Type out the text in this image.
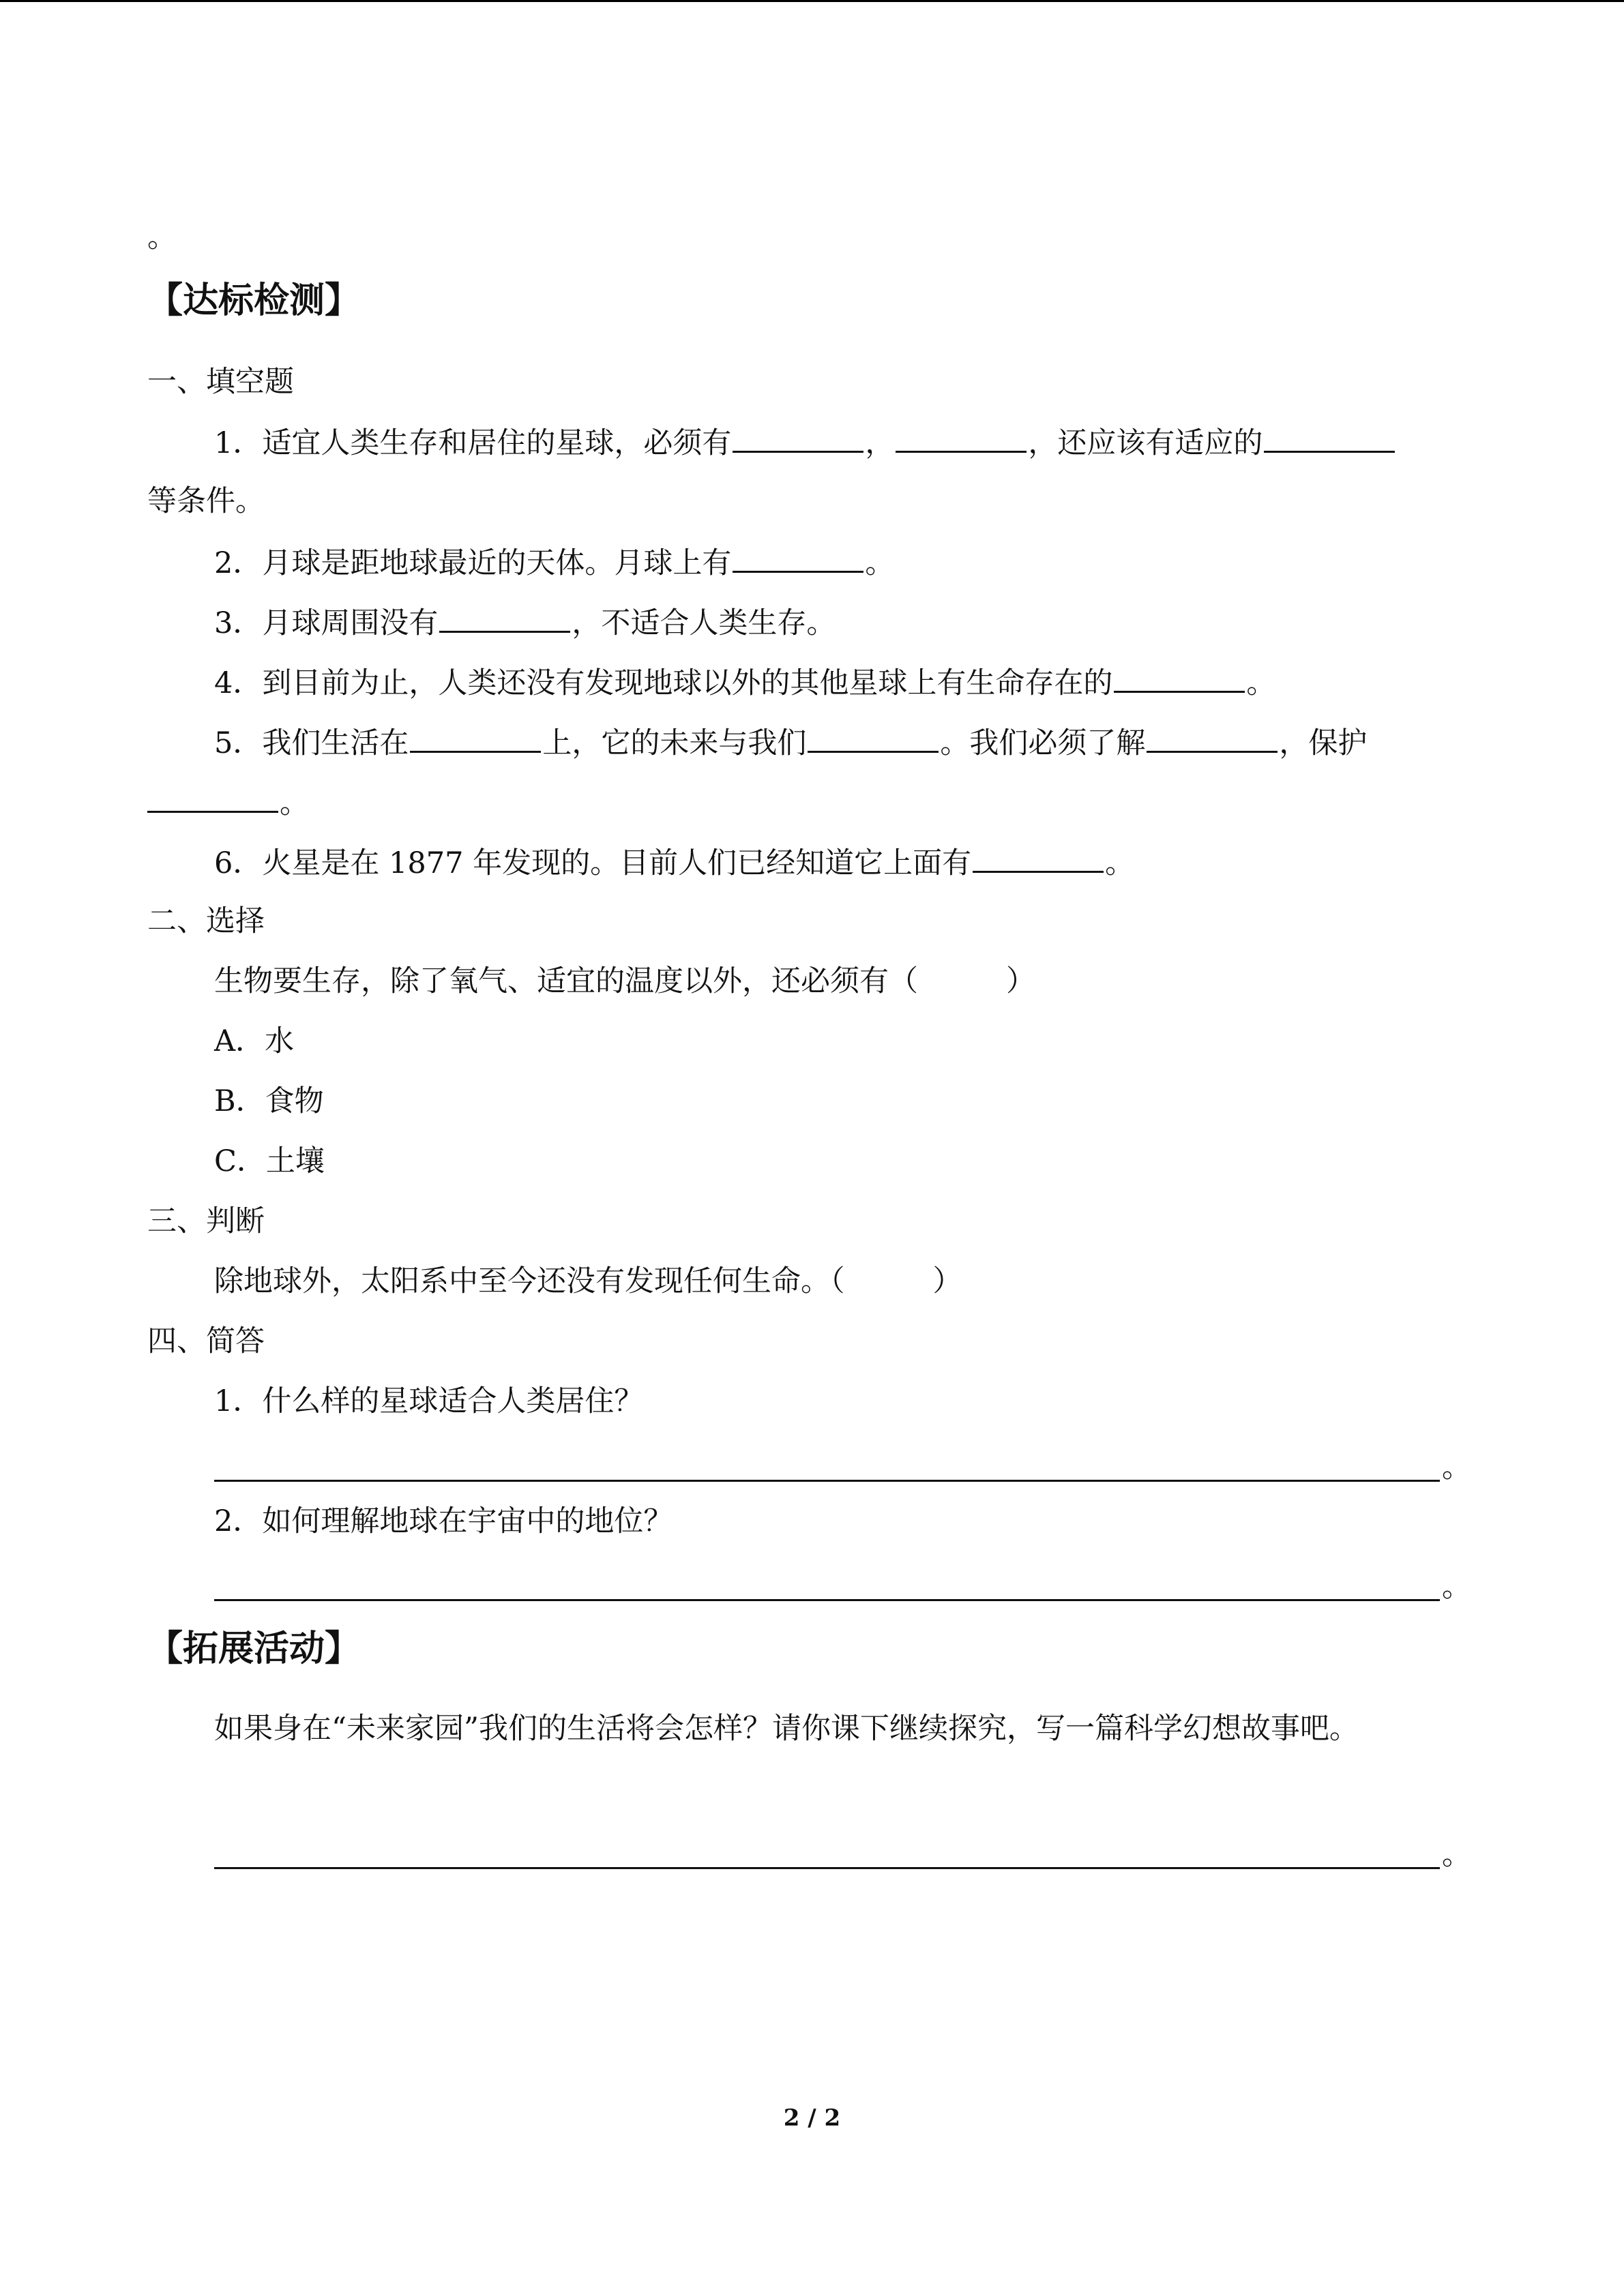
。
【达标检测】
一、填空题
1．适宜人类生存和居住的星球，必须有	，	，还应该有适应的
等条件。
2．月球是距地球最近的天体。月球上有	。
3．月球周围没有	，不适合人类生存。
4．到目前为止，人类还没有发现地球以外的其他星球上有生命存在的	。
5．我们生活在	上，它的未来与我们	。我们必须了解	，保护
。
6．火星是在 1877 年发现的。目前人们已经知道它上面有	。
二、选择
生物要生存，除了氧气、适宜的温度以外，还必须有（　　　）
A．水
B．食物
C．土壤
三、判断
除地球外，太阳系中至今还没有发现任何生命。（　　　）
四、简答
1．什么样的星球适合人类居住？
。
2．如何理解地球在宇宙中的地位？
。
【拓展活动】
如果身在“未来家园”我们的生活将会怎样？请你课下继续探究，写一篇科学幻想故事吧。
。
2 / 2
